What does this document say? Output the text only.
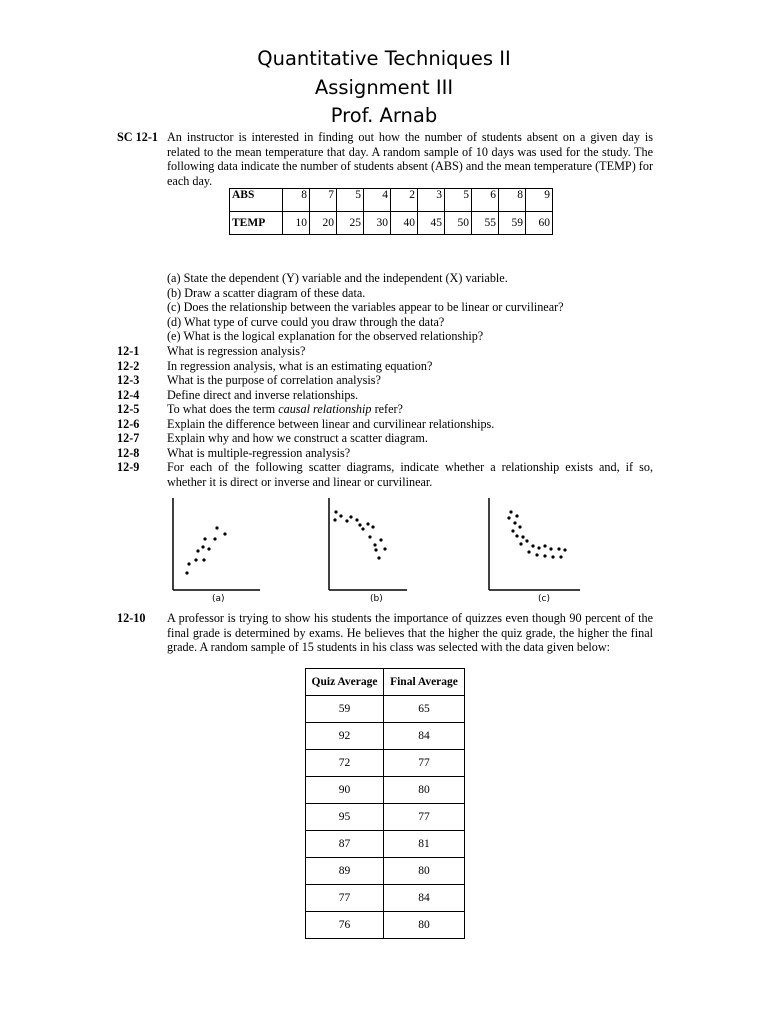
Quantitative Techniques II
Assignment III
Prof. Arnab
SC 12-1 An instructor is interested in finding out how the number of students absent on a given day is related to the mean temperature that day. A random sample of 10 days was used for the study. The following data indicate the number of students absent (ABS) and the mean temperature (TEMP) for each day.
ABS	8	7	5	4	2	3	5	6	8	9
TEMP	10	20	25	30	40	45	50	55	59	60
(a) State the dependent (Y) variable and the independent (X) variable.
(b) Draw a scatter diagram of these data.
(c) Does the relationship between the variables appear to be linear or curvilinear?
(d) What type of curve could you draw through the data?
(e) What is the logical explanation for the observed relationship?
12-1 What is regression analysis?
12-2 In regression analysis, what is an estimating equation?
12-3 What is the purpose of correlation analysis?
12-4 Define direct and inverse relationships.
12-5 To what does the term causal relationship refer?
12-6 Explain the difference between linear and curvilinear relationships.
12-7 Explain why and how we construct a scatter diagram.
12-8 What is multiple-regression analysis?
12-9 For each of the following scatter diagrams, indicate whether a relationship exists and, if so, whether it is direct or inverse and linear or curvilinear.
(a)	(b)	(c)
12-10 A professor is trying to show his students the importance of quizzes even though 90 percent of the final grade is determined by exams. He believes that the higher the quiz grade, the higher the final grade. A random sample of 15 students in his class was selected with the data given below:
Quiz Average	Final Average
59	65
92	84
72	77
90	80
95	77
87	81
89	80
77	84
76	80
